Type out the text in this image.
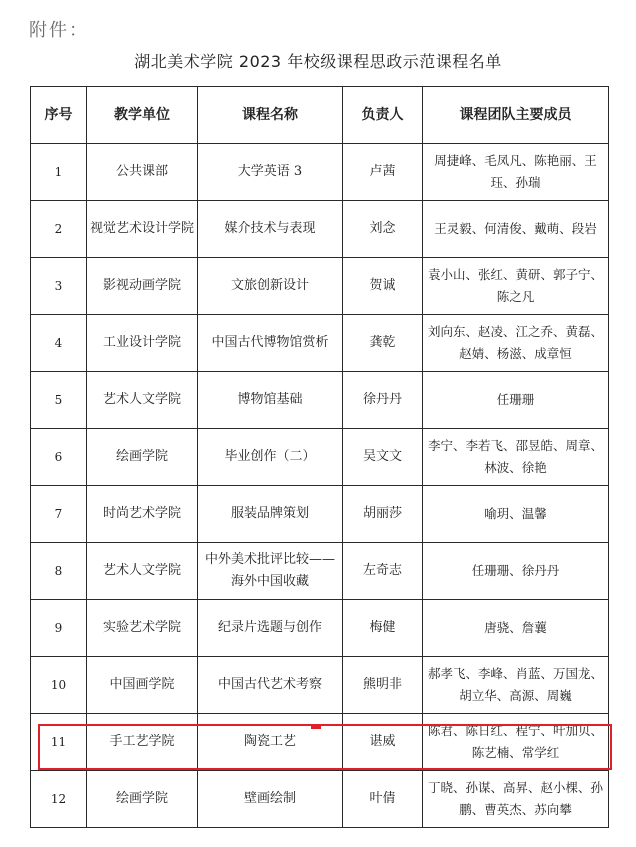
附件：
湖北美术学院 2023 年校级课程思政示范课程名单
序号	教学单位	课程名称	负责人	课程团队主要成员
1	公共课部	大学英语 3	卢茜	周捷峰、毛凤凡、陈艳丽、王珏、孙瑞
2	视觉艺术设计学院	媒介技术与表现	刘念	王灵毅、何清俊、戴萌、段岩
3	影视动画学院	文旅创新设计	贺诚	袁小山、张红、黄研、郭子宁、陈之凡
4	工业设计学院	中国古代博物馆赏析	龚乾	刘向东、赵凌、江之乔、黄磊、赵婧、杨滋、成章恒
5	艺术人文学院	博物馆基础	徐丹丹	任珊珊
6	绘画学院	毕业创作（二）	吴文文	李宁、李若飞、邵昱皓、周章、林波、徐艳
7	时尚艺术学院	服装品牌策划	胡丽莎	喻玥、温馨
8	艺术人文学院	中外美术批评比较——海外中国收藏	左奇志	任珊珊、徐丹丹
9	实验艺术学院	纪录片选题与创作	梅健	唐骁、詹蘘
10	中国画学院	中国古代艺术考察	熊明非	郝孝飞、李峰、肖蓝、万国龙、胡立华、高源、周巍
11	手工艺学院	陶瓷工艺	谌威	陈君、陈日红、程宁、叶加贝、陈艺楠、常学红
12	绘画学院	壁画绘制	叶倩	丁晓、孙谋、高昇、赵小棵、孙鹏、曹英杰、苏向攀
